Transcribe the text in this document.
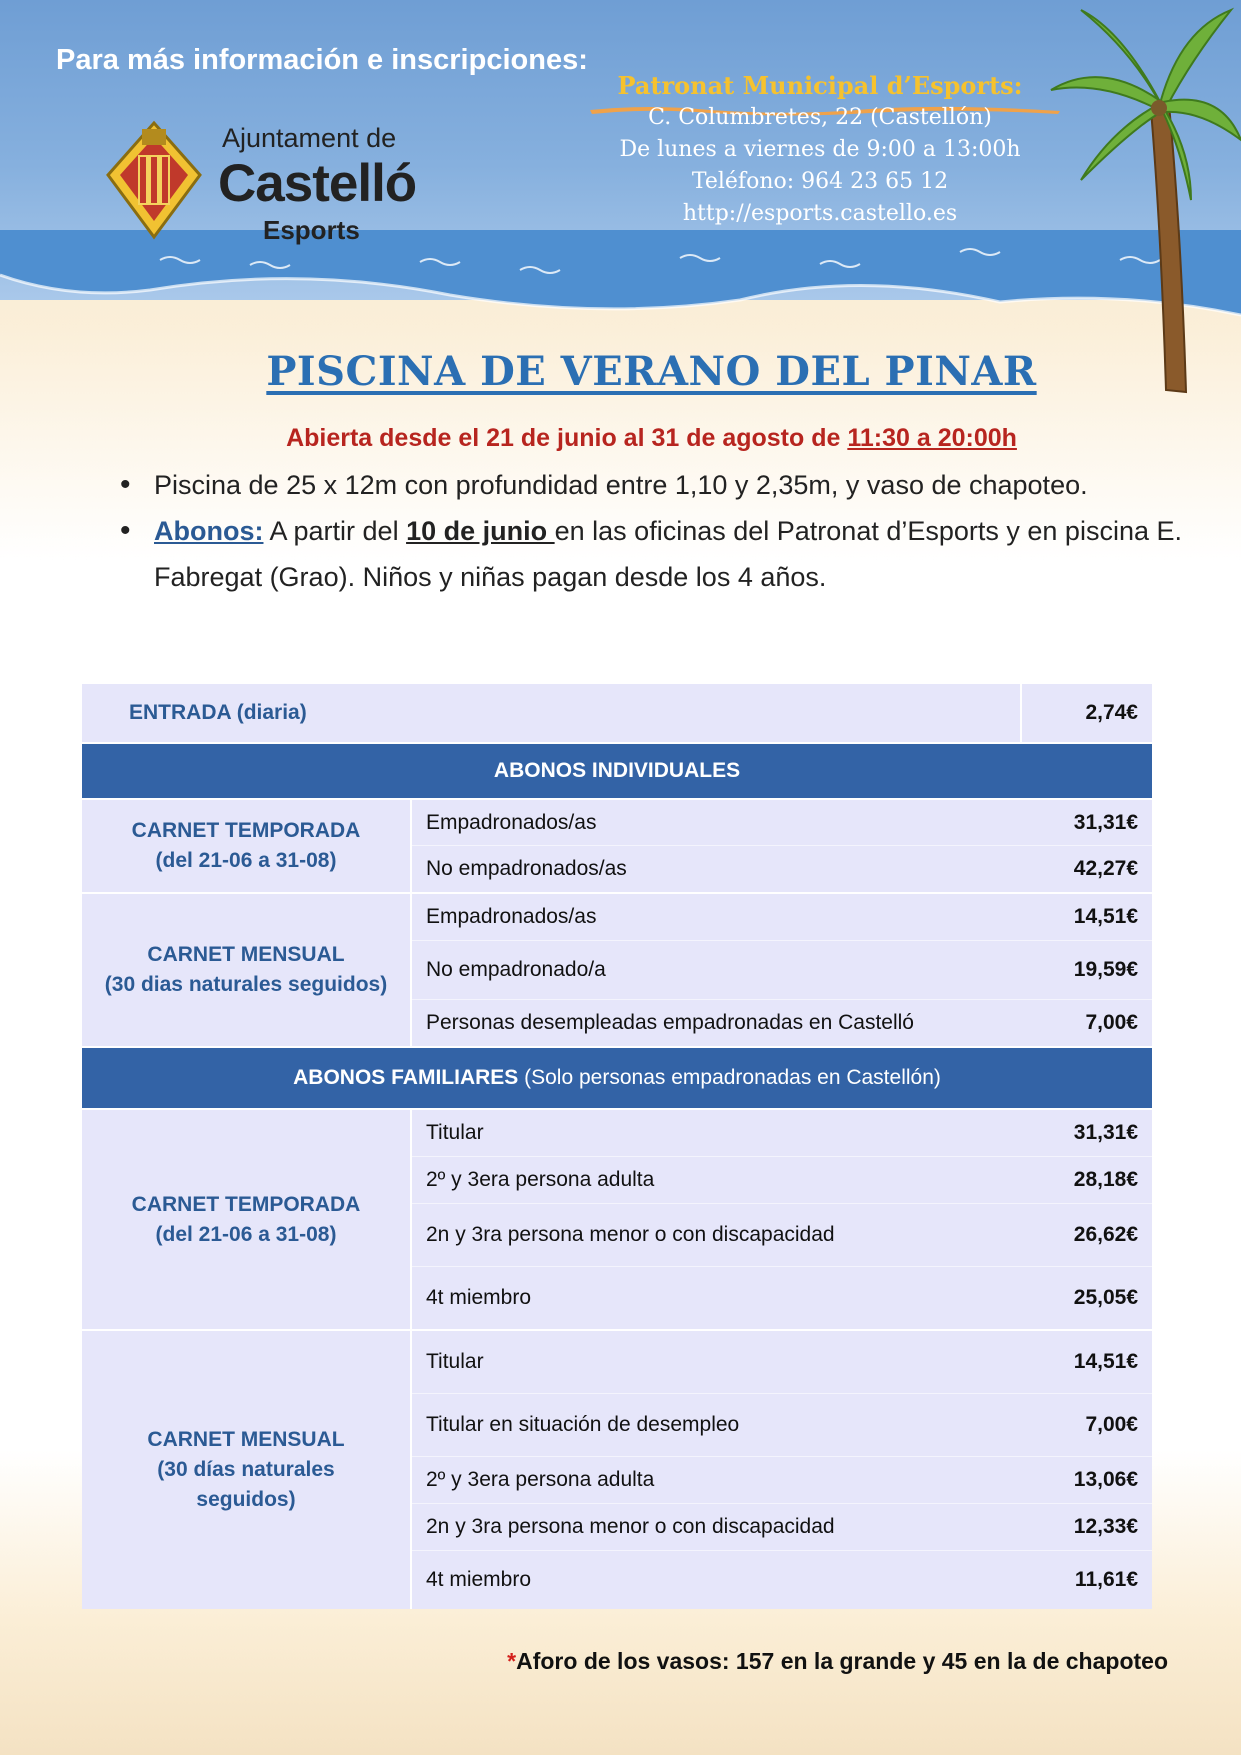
Para más información e inscripciones:
Ajuntament de
Castelló
Esports
Patronat Municipal d’Esports:
C. Columbretes, 22 (Castellón)
De lunes a viernes de 9:00 a 13:00h
Teléfono: 964 23 65 12
http://esports.castello.es
PISCINA DE VERANO DEL PINAR
Abierta desde el 21 de junio al 31 de agosto de 11:30 a 20:00h
• Piscina de 25 x 12m con profundidad entre 1,10 y 2,35m, y vaso de chapoteo.
• Abonos: A partir del 10 de junio en las oficinas del Patronat d’Esports y en piscina E. Fabregat (Grao). Niños y niñas pagan desde los 4 años.
ENTRADA (diaria)	2,74€
ABONOS INDIVIDUALES
CARNET TEMPORADA
(del 21-06 a 31-08)
Empadronados/as	31,31€
No empadronados/as	42,27€
CARNET MENSUAL
(30 dias naturales seguidos)
Empadronados/as	14,51€
No empadronado/a	19,59€
Personas desempleadas empadronadas en Castelló	7,00€
ABONOS FAMILIARES (Solo personas empadronadas en Castellón)
CARNET TEMPORADA
(del 21-06 a 31-08)
Titular	31,31€
2º y 3era persona adulta	28,18€
2n y 3ra persona menor o con discapacidad	26,62€
4t miembro	25,05€
CARNET MENSUAL
(30 días naturales
seguidos)
Titular	14,51€
Titular en situación de desempleo	7,00€
2º y 3era persona adulta	13,06€
2n y 3ra persona menor o con discapacidad	12,33€
4t miembro	11,61€
*Aforo de los vasos: 157 en la grande y 45 en la de chapoteo
